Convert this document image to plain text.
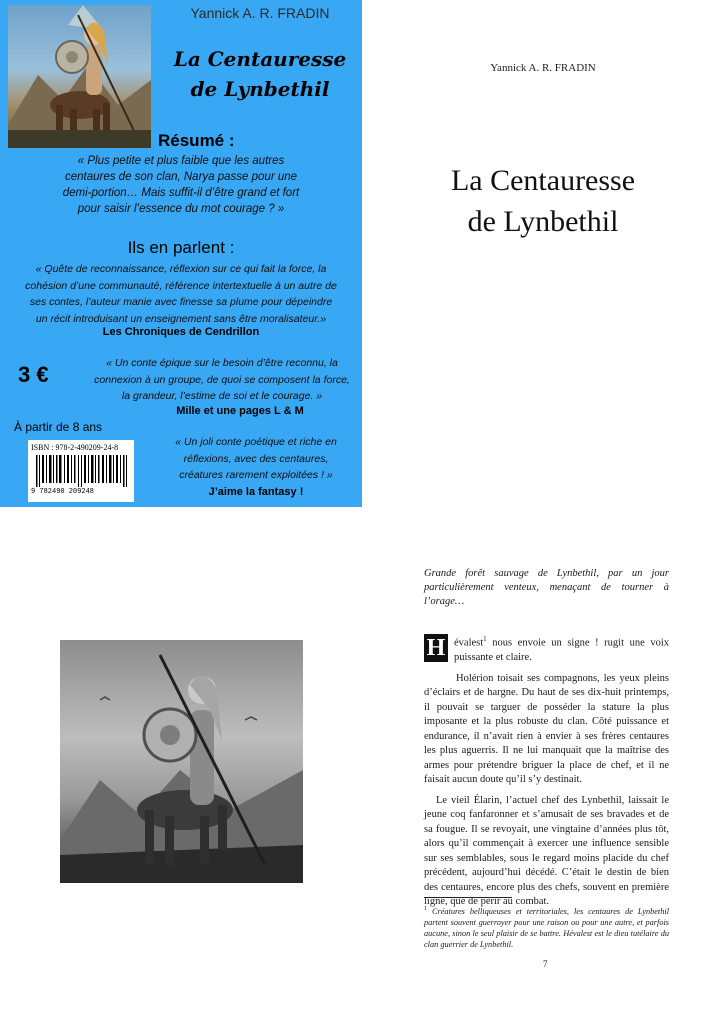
Yannick A. R. FRADIN
La Centauresse
de Lynbethil
Résumé :
« Plus petite et plus faible que les autres
centaures de son clan, Narya passe pour une
demi-portion… Mais suffit-il d’être grand et fort
pour saisir l’essence du mot courage ? »
Ils en parlent :
« Quête de reconnaissance, réflexion sur ce qui fait la force, la
cohésion d’une communauté, référence intertextuelle à un autre de
ses contes, l’auteur manie avec finesse sa plume pour dépeindre
un récit introduisant un enseignement sans être moralisateur.»
Les Chroniques de Cendrillon
3 €	« Un conte épique sur le besoin d’être reconnu, la
connexion à un groupe, de quoi se composent la force,
la grandeur, l’estime de soi et le courage. »
Mille et une pages L & M
À partir de 8 ans
ISBN : 978-2-490209-24-8
9 782490 209248
« Un joli conte poétique et riche en
réflexions, avec des centaures,
créatures rarement exploitées ! »
J’aime la fantasy !
Yannick A. R. FRADIN
La Centauresse
de Lynbethil
Grande forêt sauvage de Lynbethil, par un jour particulièrement venteux, menaçant de tourner à l’orage…
H évalest$^1$ nous envoie un signe ! rugit une voix puissante et claire.
Holérion toisait ses compagnons, les yeux pleins d’éclairs et de hargne. Du haut de ses dix-huit printemps, il pouvait se targuer de posséder la stature la plus imposante et la plus robuste du clan. Côté puissance et endurance, il n’avait rien à envier à ses frères centaures les plus aguerris. Il ne lui manquait que la maîtrise des armes pour prétendre briguer la place de chef, et il ne faisait aucun doute qu’il s’y destinait.
Le vieil Élarin, l’actuel chef des Lynbethil, laissait le jeune coq fanfaronner et s’amusait de ses bravades et de sa fougue. Il se revoyait, une vingtaine d’années plus tôt, alors qu’il commençait à exercer une influence sensible sur ses semblables, sous le regard moins placide du chef précédent, aujourd’hui décédé. C’était le destin de bien des centaures, encore plus des chefs, souvent en première ligne, que de périr au combat.
$^1$ Créatures belliqueuses et territoriales, les centaures de Lynbethil partent souvent guerroyer pour une raison ou pour une autre, et parfois aucune, sinon le seul plaisir de se battre. Hévalest est le dieu tutélaire du clan guerrier de Lynbethil.
7
